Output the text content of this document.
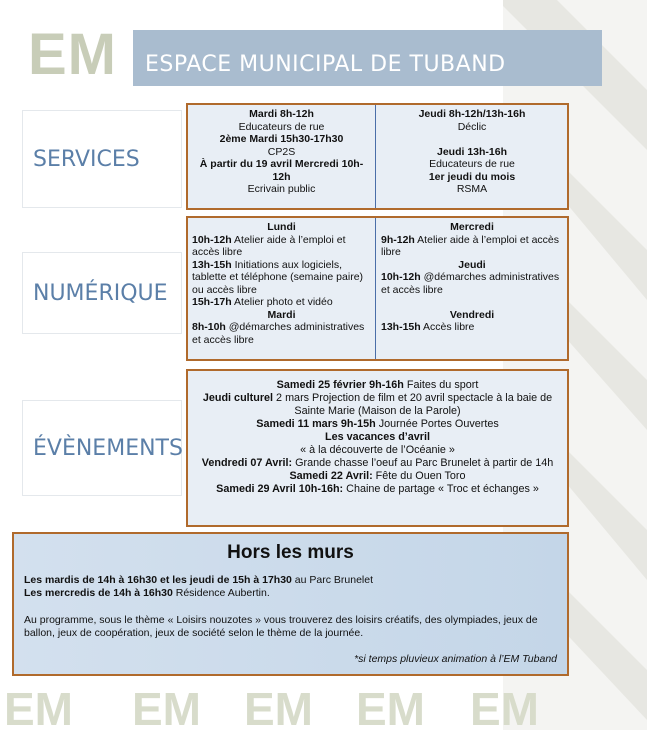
EM ESPACE MUNICIPAL DE TUBAND
SERVICES
Mardi 8h-12h
Educateurs de rue
2ème Mardi 15h30-17h30
CP2S
À partir du 19 avril Mercredi 10h-12h
Ecrivain public
Jeudi 8h-12h/13h-16h
Déclic

Jeudi 13h-16h
Educateurs de rue
1er jeudi du mois
RSMA
NUMÉRIQUE
Lundi
10h-12h Atelier aide à l’emploi et accès libre
13h-15h Initiations aux logiciels, tablette et téléphone (semaine paire) ou accès libre
15h-17h Atelier photo et vidéo
Mardi
8h-10h @démarches administratives et accès libre
Mercredi
9h-12h Atelier aide à l’emploi et accès libre
Jeudi
10h-12h @démarches administratives et accès libre

Vendredi
13h-15h Accès libre
ÉVÈNEMENTS
Samedi 25 février 9h-16h Faites du sport
Jeudi culturel 2 mars Projection de film et 20 avril spectacle à la baie de Sainte Marie (Maison de la Parole)
Samedi 11 mars 9h-15h Journée Portes Ouvertes
Les vacances d’avril
« à la découverte de l’Océanie »
Vendredi 07 Avril: Grande chasse l’oeuf au Parc Brunelet à partir de 14h
Samedi 22 Avril: Fête du Ouen Toro
Samedi 29 Avril 10h-16h: Chaine de partage « Troc et échanges »
Hors les murs
Les mardis de 14h à 16h30 et les jeudi de 15h à 17h30 au Parc Brunelet
Les mercredis de 14h à 16h30 Résidence Aubertin.
Au programme, sous le thème « Loisirs nouzotes » vous trouverez des loisirs créatifs, des olympiades, jeux de ballon, jeux de coopération, jeux de société selon le thème de la journée.
*si temps pluvieux animation à l’EM Tuband
EM EM EM EM EM
